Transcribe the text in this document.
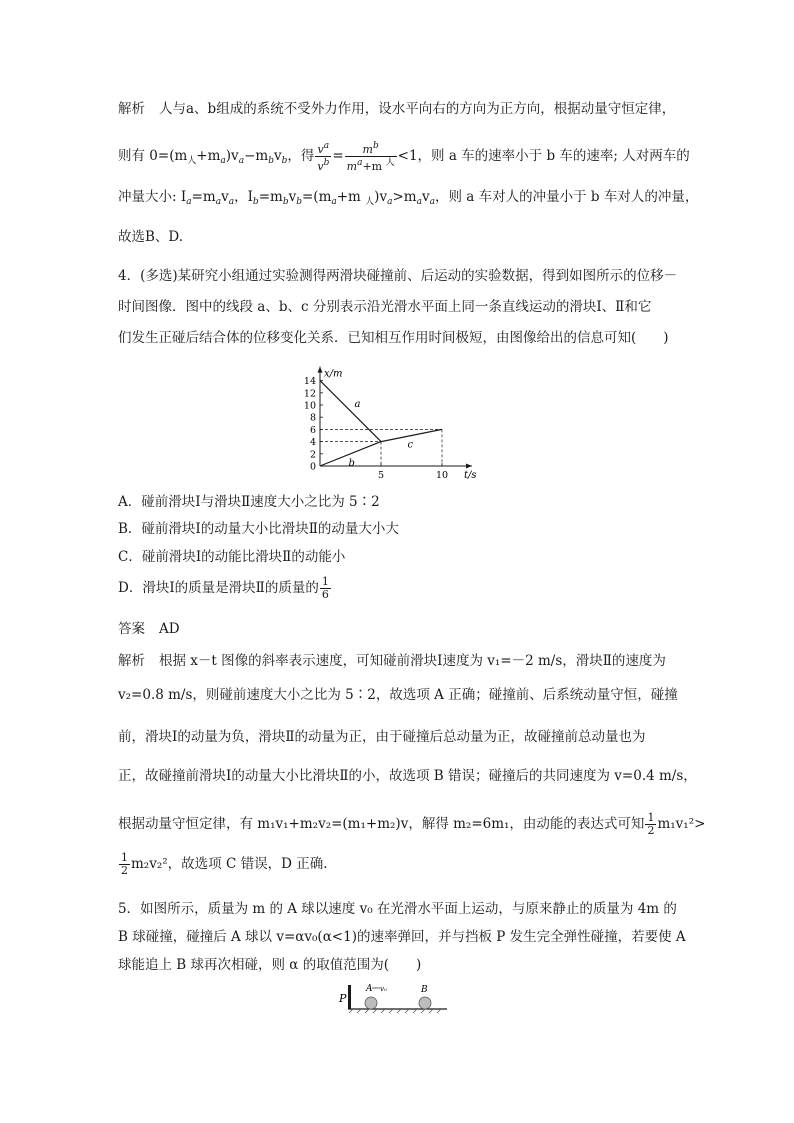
解析 人与a、b组成的系统不受外力作用，设水平向右的方向为正方向，根据动量守恒定律，
则有 $0=(m_人+m_a)v_a-m_bv_b$，得 $\frac{v^a}{v^b} = \frac{m^b}{m^a+m ^人} <1$，则 a 车的速率小于 b 车的速率; 人对两车的
冲量大小: $I_a=m_av_a$，$I_b=m_bv_b=(m_a+m$ $_人)v_a>m_av_a$，则 a 车对人的冲量小于 b 车对人的冲量，
故选B、D.
4．(多选)某研究小组通过实验测得两滑块碰撞前、后运动的实验数据，得到如图所示的位移－
时间图像．图中的线段 a、b、c 分别表示沿光滑水平面上同一条直线运动的滑块Ⅰ、Ⅱ和它
们发生正碰后结合体的位移变化关系．已知相互作用时间极短，由图像给出的信息可知(　　)
x/m
t/s
0
2
4
6
8
10
12
14
5	10
a
b
c
A．碰前滑块Ⅰ与滑块Ⅱ速度大小之比为 5∶2
B．碰前滑块Ⅰ的动量大小比滑块Ⅱ的动量大小大
C．碰前滑块Ⅰ的动能比滑块Ⅱ的动能小
D．滑块Ⅰ的质量是滑块Ⅱ的质量的 $\frac{1}{6}$
答案 AD
解析 根据 x－t 图像的斜率表示速度，可知碰前滑块Ⅰ速度为 v₁=－2 m/s，滑块Ⅱ的速度为
v₂=0.8 m/s，则碰前速度大小之比为 5∶2，故选项 A 正确；碰撞前、后系统动量守恒，碰撞
前，滑块Ⅰ的动量为负，滑块Ⅱ的动量为正，由于碰撞后总动量为正，故碰撞前总动量也为
正，故碰撞前滑块Ⅰ的动量大小比滑块Ⅱ的小，故选项 B 错误；碰撞后的共同速度为 v=0.4 m/s，
根据动量守恒定律，有 m₁v₁+m₂v₂=(m₁+m₂)v，解得 m₂=6m₁，由动能的表达式可知 $\frac{1}{2} m_1v_1^2>$
$\frac{1}{2} m_2v_2^2$，故选项 C 错误，D 正确.
5．如图所示，质量为 m 的 A 球以速度 v₀ 在光滑水平面上运动，与原来静止的质量为 4m 的
B 球碰撞，碰撞后 A 球以 v=αv₀(α<1)的速率弹回，并与挡板 P 发生完全弹性碰撞，若要使 A
球能追上 B 球再次相碰，则 α 的取值范围为(　　)
P
A v₀	B
